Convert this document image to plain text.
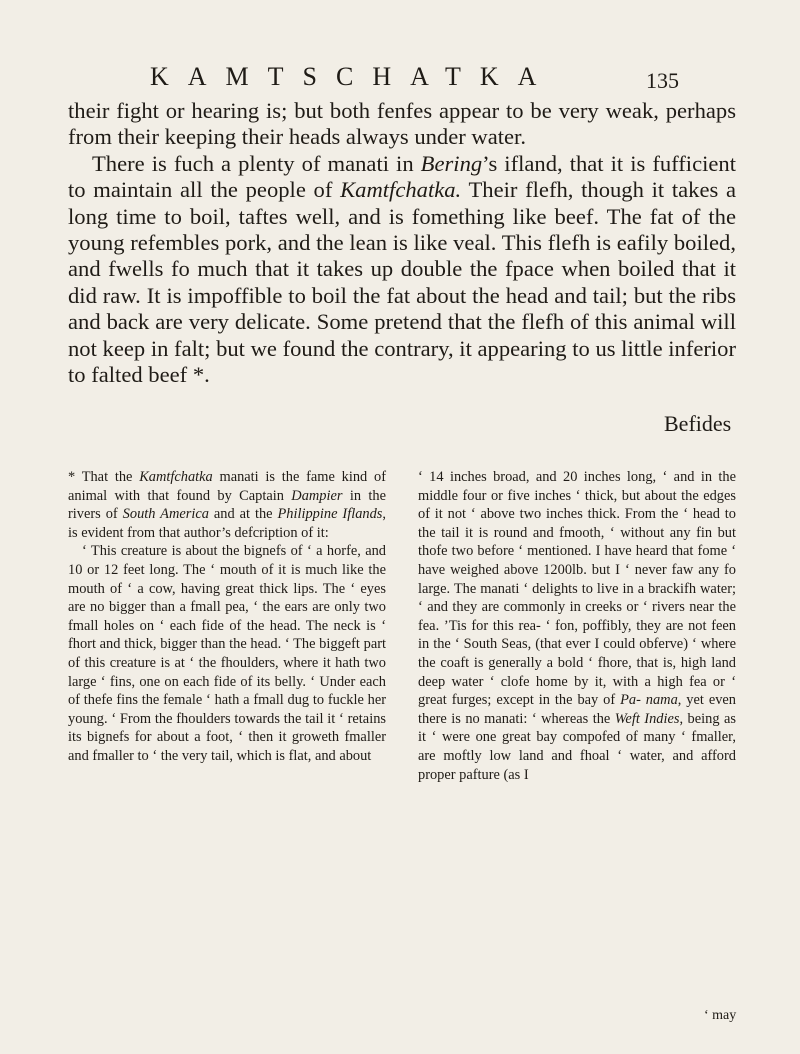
KAMTSCHATKA	135

their fight or hearing is; but both fenfes appear to be very weak, perhaps from their keeping their heads always under water.

There is fuch a plenty of manati in Bering’s ifland, that it is fufficient to maintain all the people of Kamtfchatka. Their flefh, though it takes a long time to boil, taftes well, and is fomething like beef. The fat of the young refembles pork, and the lean is like veal. This flefh is eafily boiled, and fwells fo much that it takes up double the fpace when boiled that it did raw. It is impoffible to boil the fat about the head and tail; but the ribs and back are very delicate. Some pretend that the flefh of this animal will not keep in falt; but we found the contrary, it appearing to us little inferior to falted beef *.

Befides

* That the Kamtfchatka manati is the fame kind of animal with that found by Captain Dampier in the rivers of South America and at the Philippine Iflands, is evident from that author’s defcription of it:

‘ This creature is about the bignefs of ‘ a horfe, and 10 or 12 feet long. The ‘ mouth of it is much like the mouth of ‘ a cow, having great thick lips. The ‘ eyes are no bigger than a fmall pea, ‘ the ears are only two fmall holes on ‘ each fide of the head. The neck is ‘ fhort and thick, bigger than the head. ‘ The biggeft part of this creature is at ‘ the fhoulders, where it hath two large ‘ fins, one on each fide of its belly. ‘ Under each of thefe fins the female ‘ hath a fmall dug to fuckle her young. ‘ From the fhoulders towards the tail it ‘ retains its bignefs for about a foot, ‘ then it groweth fmaller and fmaller to ‘ the very tail, which is flat, and about

‘ 14 inches broad, and 20 inches long, ‘ and in the middle four or five inches ‘ thick, but about the edges of it not ‘ above two inches thick. From the ‘ head to the tail it is round and fmooth, ‘ without any fin but thofe two before ‘ mentioned. I have heard that fome ‘ have weighed above 1200lb. but I ‘ never faw any fo large. The manati ‘ delights to live in a brackifh water; ‘ and they are commonly in creeks or ‘ rivers near the fea. ’Tis for this rea‑ ‘ fon, poffibly, they are not feen in the ‘ South Seas, (that ever I could obferve) ‘ where the coaft is generally a bold ‘ fhore, that is, high land deep water ‘ clofe home by it, with a high fea or ‘ great furges; except in the bay of Pa‑ nama, yet even there is no manati: ‘ whereas the Weft Indies, being as it ‘ were one great bay compofed of many ‘ fmaller, are moftly low land and fhoal ‘ water, and afford proper pafture (as I

‘ may
